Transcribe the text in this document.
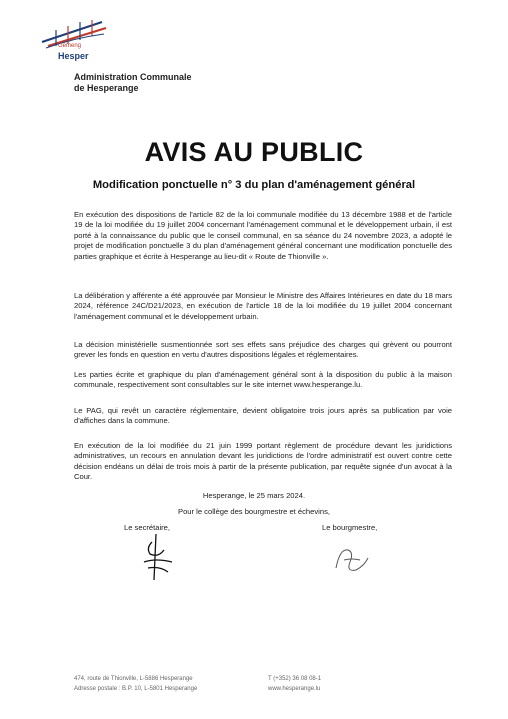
Gemeng
Hesper
Administration Communale
de Hesperange
AVIS AU PUBLIC
Modification ponctuelle n° 3 du plan d'aménagement général
En exécution des dispositions de l'article 82 de la loi communale modifiée du 13 décembre 1988 et de l'article 19 de la loi modifiée du 19 juillet 2004 concernant l'aménagement communal et le développement urbain, il est porté à la connaissance du public que le conseil communal, en sa séance du 24 novembre 2023, a adopté le projet de modification ponctuelle 3 du plan d'aménagement général concernant une modification ponctuelle des parties graphique et écrite à Hesperange au lieu-dit « Route de Thionville ».
La délibération y afférente a été approuvée par Monsieur le Ministre des Affaires Intérieures en date du 18 mars 2024, référence 24C/D21/2023, en exécution de l'article 18 de la loi modifiée du 19 juillet 2004 concernant l'aménagement communal et le développement urbain.
La décision ministérielle susmentionnée sort ses effets sans préjudice des charges qui grèvent ou pourront grever les fonds en question en vertu d'autres dispositions légales et réglementaires.
Les parties écrite et graphique du plan d'aménagement général sont à la disposition du public à la maison communale, respectivement sont consultables sur le site internet www.hesperange.lu.
Le PAG, qui revêt un caractère réglementaire, devient obligatoire trois jours après sa publication par voie d'affiches dans la commune.
En exécution de la loi modifiée du 21 juin 1999 portant règlement de procédure devant les juridictions administratives, un recours en annulation devant les juridictions de l'ordre administratif est ouvert contre cette décision endéans un délai de trois mois à partir de la présente publication, par requête signée d'un avocat à la Cour.
Hesperange, le 25 mars 2024.
Pour le collège des bourgmestre et échevins,
Le secrétaire,	Le bourgmestre,
474, route de Thionville, L-5886 Hesperange
Adresse postale : B.P. 10, L-5801 Hesperange
T (+352) 36 08 08-1
www.hesperange.lu
